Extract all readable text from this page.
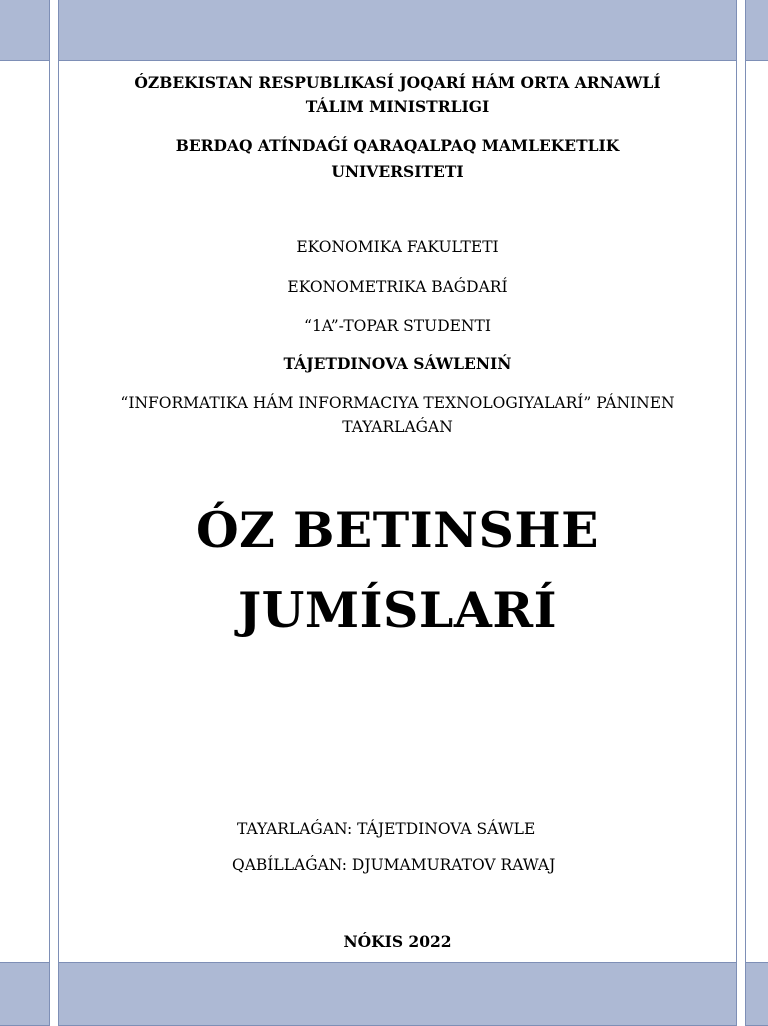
ÓZBEKISTAN RESPUBLIKASÍ JOQARÍ HÁM ORTA ARNAWLÍ
TÁLIM MINISTRLIGI
BERDAQ ATÍNDAǴÍ QARAQALPAQ MAMLEKETLIK
UNIVERSITETI
EKONOMIKA FAKULTETI
EKONOMETRIKA BAǴDARÍ
“1A”-TOPAR STUDENTI
TÁJETDINOVA SÁWLENIŃ
“INFORMATIKA HÁM INFORMACIYA TEXNOLOGIYALARÍ” PÁNINEN
TAYARLAǴAN
ÓZ BETINSHE
JUMÍSLARÍ
NÓKIS 2022
TAYARLAǴAN: TÁJETDINOVA SÁWLE
QABÍLLAǴAN: DJUMAMURATOV RAWAJ
